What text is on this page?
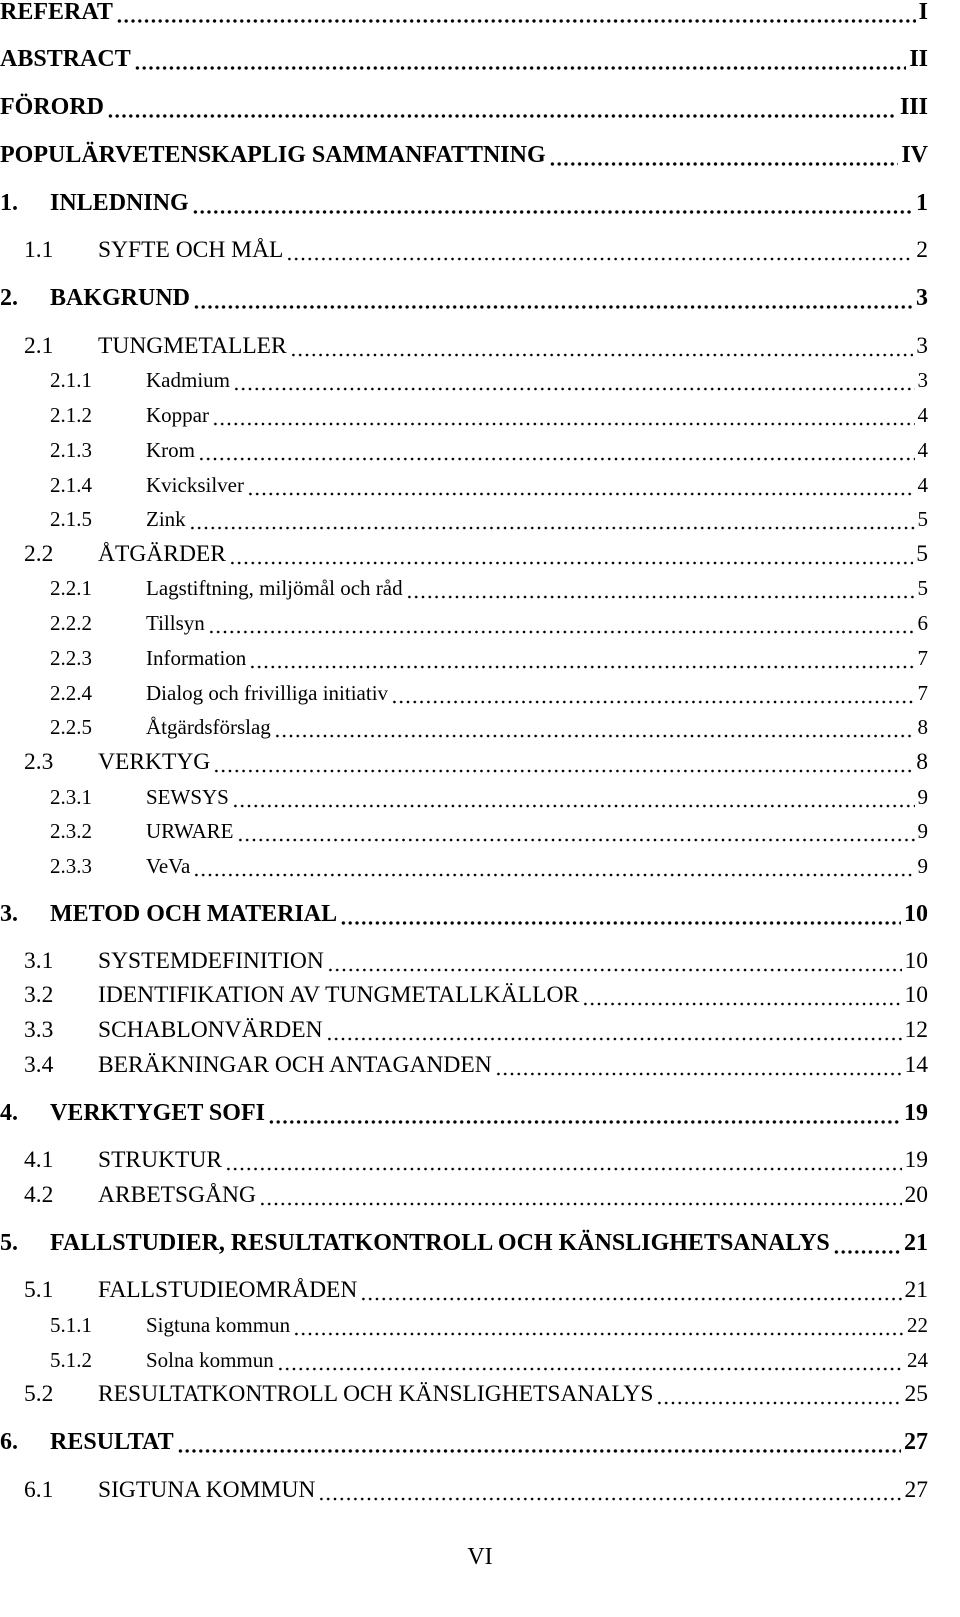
REFERAT	I
ABSTRACT	II
FÖRORD	III
POPULÄRVETENSKAPLIG SAMMANFATTNING	IV
1.	INLEDNING	1
1.1	SYFTE OCH MÅL	2
2.	BAKGRUND	3
2.1	TUNGMETALLER	3
2.1.1	Kadmium	3
2.1.2	Koppar	4
2.1.3	Krom	4
2.1.4	Kvicksilver	4
2.1.5	Zink	5
2.2	ÅTGÄRDER	5
2.2.1	Lagstiftning, miljömål och råd	5
2.2.2	Tillsyn	6
2.2.3	Information	7
2.2.4	Dialog och frivilliga initiativ	7
2.2.5	Åtgärdsförslag	8
2.3	VERKTYG	8
2.3.1	SEWSYS	9
2.3.2	URWARE	9
2.3.3	VeVa	9
3.	METOD OCH MATERIAL	10
3.1	SYSTEMDEFINITION	10
3.2	IDENTIFIKATION AV TUNGMETALLKÄLLOR	10
3.3	SCHABLONVÄRDEN	12
3.4	BERÄKNINGAR OCH ANTAGANDEN	14
4.	VERKTYGET SOFI	19
4.1	STRUKTUR	19
4.2	ARBETSGÅNG	20
5.	FALLSTUDIER, RESULTATKONTROLL OCH KÄNSLIGHETSANALYS	21
5.1	FALLSTUDIEOMRÅDEN	21
5.1.1	Sigtuna kommun	22
5.1.2	Solna kommun	24
5.2	RESULTATKONTROLL OCH KÄNSLIGHETSANALYS	25
6.	RESULTAT	27
6.1	SIGTUNA KOMMUN	27
VI
